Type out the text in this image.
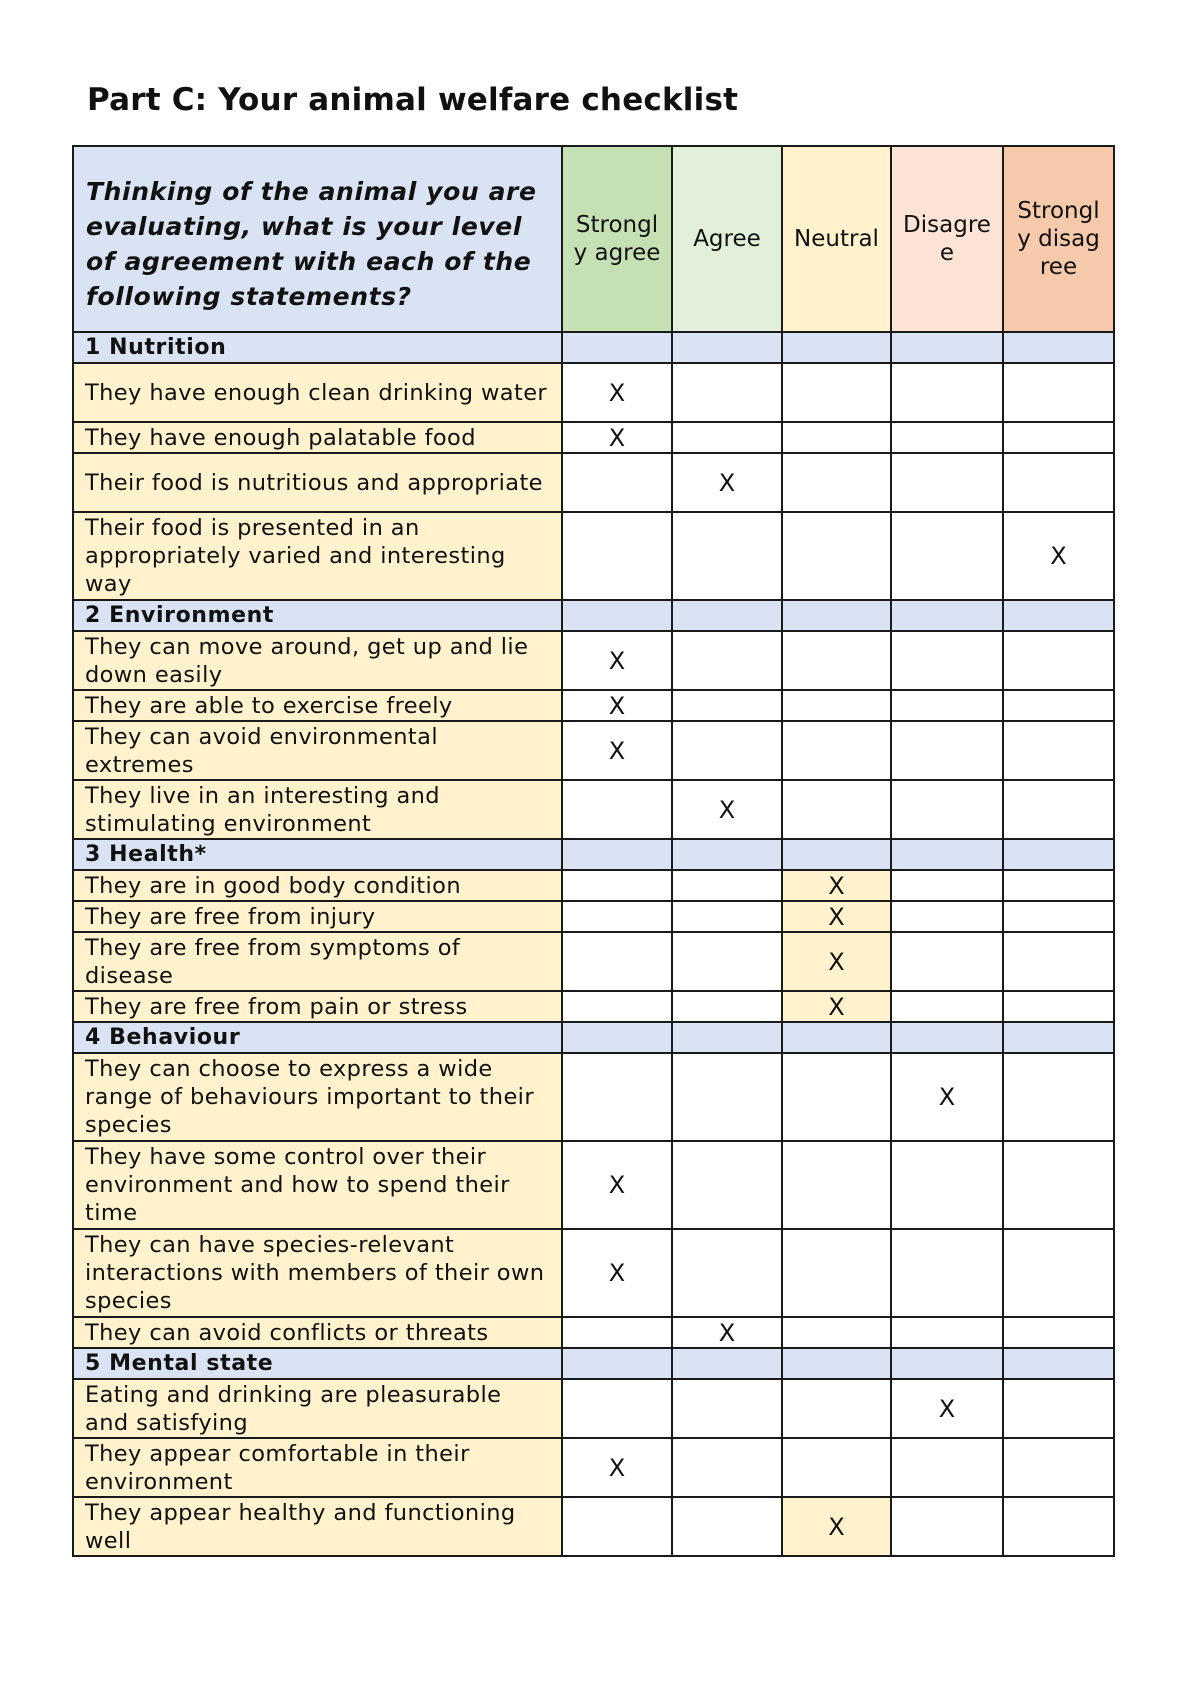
Part C: Your animal welfare checklist
Thinking of the animal you are evaluating, what is your level of agreement with each of the following statements?	Strongly agree	Agree	Neutral	Disagree	Strongly disagree
1 Nutrition					
They have enough clean drinking water	X				
They have enough palatable food	X				
Their food is nutritious and appropriate		X			
Their food is presented in an appropriately varied and interesting way					X
2 Environment					
They can move around, get up and lie down easily	X				
They are able to exercise freely	X				
They can avoid environmental extremes	X				
They live in an interesting and stimulating environment		X			
3 Health*					
They are in good body condition			X		
They are free from injury			X		
They are free from symptoms of disease			X		
They are free from pain or stress			X		
4 Behaviour					
They can choose to express a wide range of behaviours important to their species				X	
They have some control over their environment and how to spend their time	X				
They can have species-relevant interactions with members of their own species	X				
They can avoid conflicts or threats		X			
5 Mental state					
Eating and drinking are pleasurable and satisfying				X	
They appear comfortable in their environment	X				
They appear healthy and functioning well			X		
